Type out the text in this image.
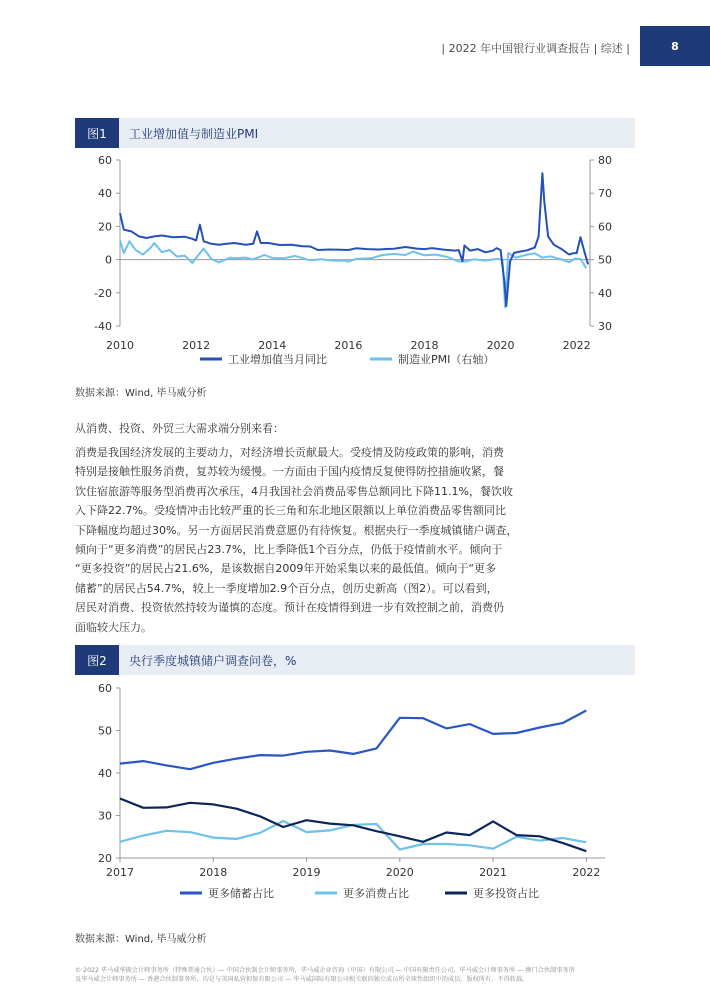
| 2022 年中国银行业调查报告 | 综述 |	8
图1	工业增加值与制造业PMI
60
40
20
0
-20
-40
80
70
60
50
40
30
2010	2012	2014	2016	2018	2020	2022
工业增加值当月同比	制造业PMI（右轴）
数据来源：Wind, 毕马威分析
从消费、投资、外贸三大需求端分别来看：
消费是我国经济发展的主要动力，对经济增长贡献最大。受疫情及防疫政策的影响，消费
特别是接触性服务消费，复苏较为缓慢。一方面由于国内疫情反复使得防控措施收紧，餐
饮住宿旅游等服务型消费再次承压，4月我国社会消费品零售总额同比下降11.1%，餐饮收
入下降22.7%。受疫情冲击比较严重的长三角和东北地区限额以上单位消费品零售额同比
下降幅度均超过30%。另一方面居民消费意愿仍有待恢复。根据央行一季度城镇储户调查，
倾向于“更多消费”的居民占23.7%，比上季降低1个百分点，仍低于疫情前水平。倾向于
“更多投资”的居民占21.6%，是该数据自2009年开始采集以来的最低值。倾向于“更多
储蓄”的居民占54.7%，较上一季度增加2.9个百分点，创历史新高（图2）。可以看到，
居民对消费、投资依然持较为谨慎的态度。预计在疫情得到进一步有效控制之前，消费仍
面临较大压力。
图2	央行季度城镇储户调查问卷，%
60
50
40
30
20
2017	2018	2019	2020	2021	2022
更多储蓄占比	更多消费占比	更多投资占比
数据来源：Wind, 毕马威分析
© 2022 毕马威华振会计师事务所（特殊普通合伙）— 中国合伙制会计师事务所，毕马威企业咨询（中国）有限公司 — 中国有限责任公司，毕马威会计师事务所 — 澳门合伙制事务所
及毕马威会计师事务所 — 香港合伙制事务所，均是与英国私营担保有限公司 — 毕马威国际有限公司相关联的独立成员所全球性组织中的成员。版权所有，不得转载。
